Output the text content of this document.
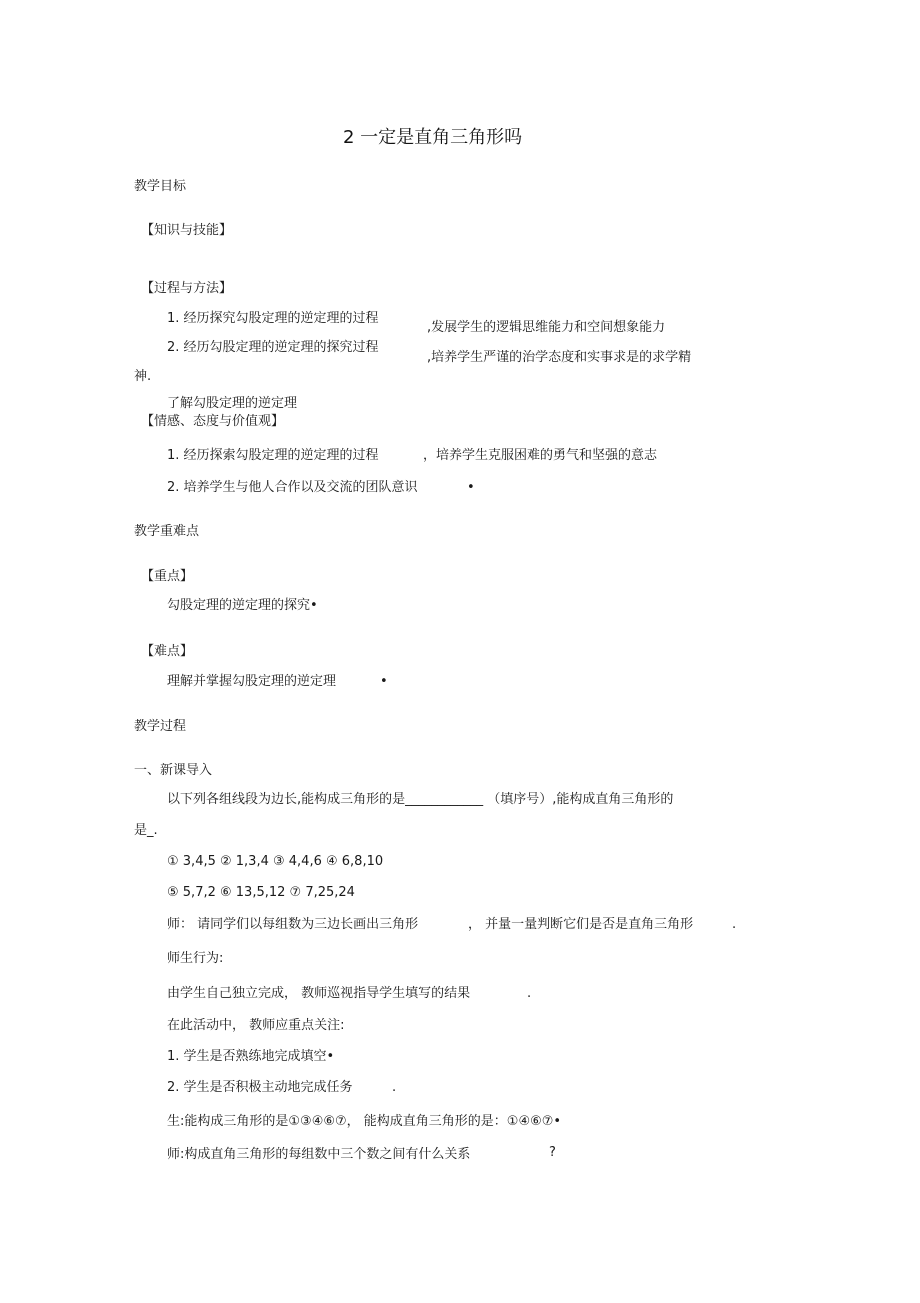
2 一定是直角三角形吗
教学目标
【知识与技能】
【过程与方法】
1. 经历探究勾股定理的逆定理的过程
,发展学生的逻辑思维能力和空间想象能力
2. 经历勾股定理的逆定理的探究过程
,培养学生严谨的治学态度和实事求是的求学精
神.
了解勾股定理的逆定理
【情感、态度与价值观】
1. 经历探索勾股定理的逆定理的过程	，培养学生克服困难的勇气和坚强的意志
2. 培养学生与他人合作以及交流的团队意识	•
教学重难点
【重点】
勾股定理的逆定理的探究•
【难点】
理解并掌握勾股定理的逆定理	•
教学过程
一、新课导入
以下列各组线段为边长,能构成三角形的是____________ （填序号）,能构成直角三角形的
是_.
① 3,4,5 ② 1,3,4 ③ 4,4,6 ④ 6,8,10
⑤ 5,7,2 ⑥ 13,5,12 ⑦ 7,25,24
师： 请同学们以每组数为三边长画出三角形	， 并量一量判断它们是否是直角三角形	.
师生行为:
由学生自己独立完成， 教师巡视指导学生填写的结果	.
在此活动中， 教师应重点关注:
1. 学生是否熟练地完成填空•
2. 学生是否积极主动地完成任务	.
生:能构成三角形的是①③④⑥⑦， 能构成直角三角形的是：①④⑥⑦•
师:构成直角三角形的每组数中三个数之间有什么关系	?
